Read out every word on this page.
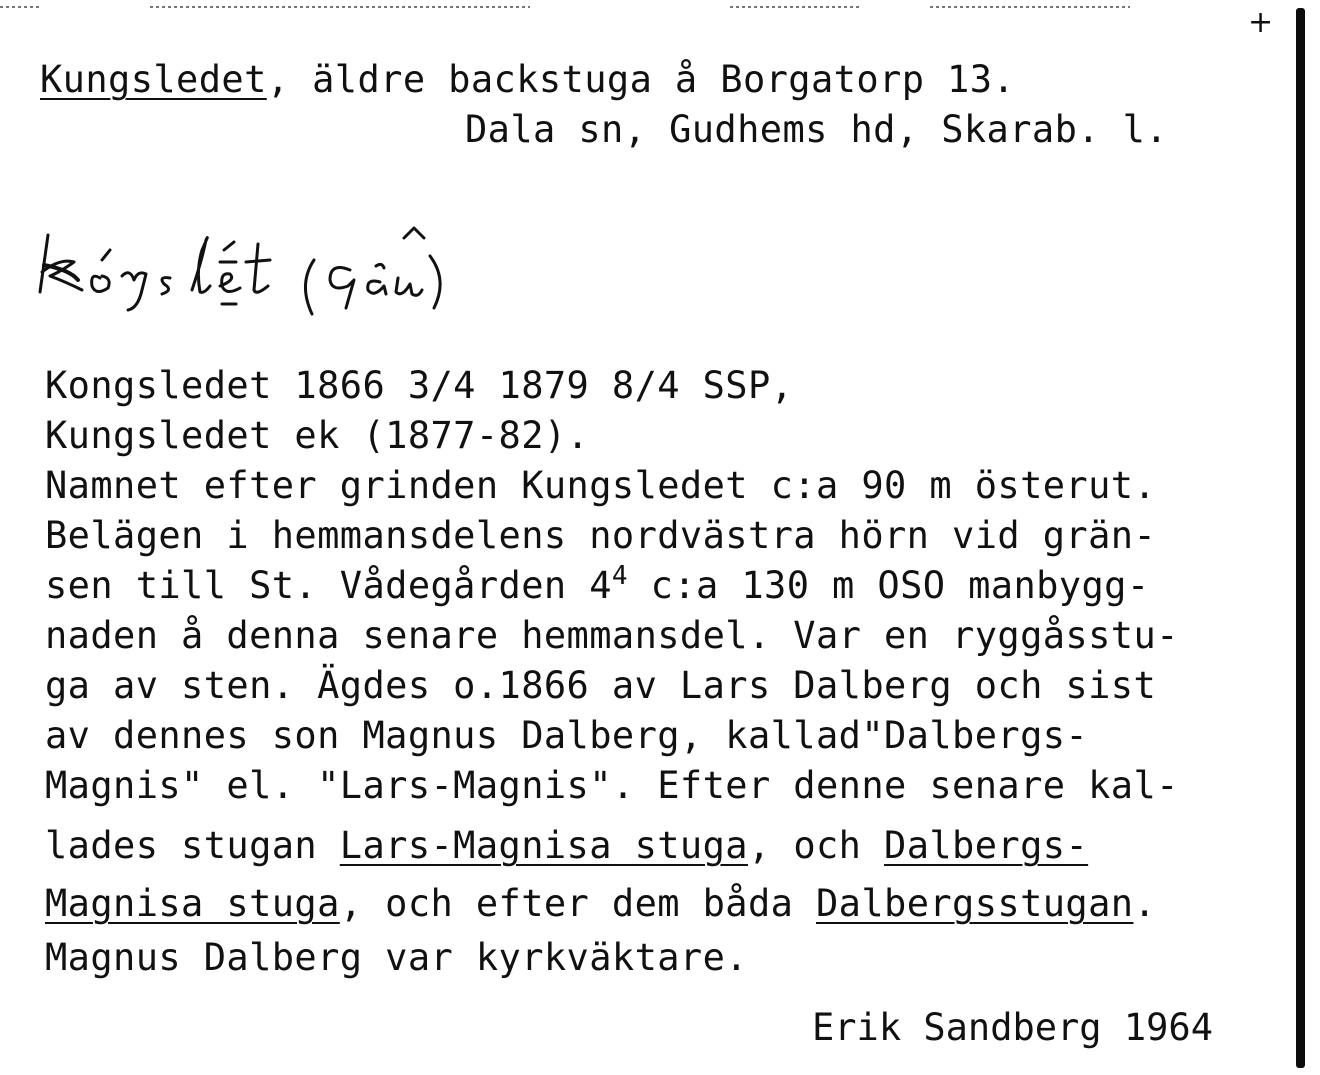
+
Kungsledet, äldre backstuga å Borgatorp 13.
Dala sn, Gudhems hd, Skarab. l.
Kongsledet 1866 3/4 1879 8/4 SSP,
Kungsledet ek (1877-82).
Namnet efter grinden Kungsledet c:a 90 m österut.
Belägen i hemmansdelens nordvästra hörn vid grän-
sen till St. Vådegården $4^4$ c:a 130 m OSO manbygg-
naden å denna senare hemmansdel. Var en ryggåsstu-
ga av sten. Ägdes o.1866 av Lars Dalberg och sist
av dennes son Magnus Dalberg, kallad"Dalbergs-
Magnis" el. "Lars-Magnis". Efter denne senare kal-
lades stugan Lars-Magnisa stuga, och Dalbergs-
Magnisa stuga, och efter dem båda Dalbergsstugan.
Magnus Dalberg var kyrkväktare.
Erik Sandberg 1964
